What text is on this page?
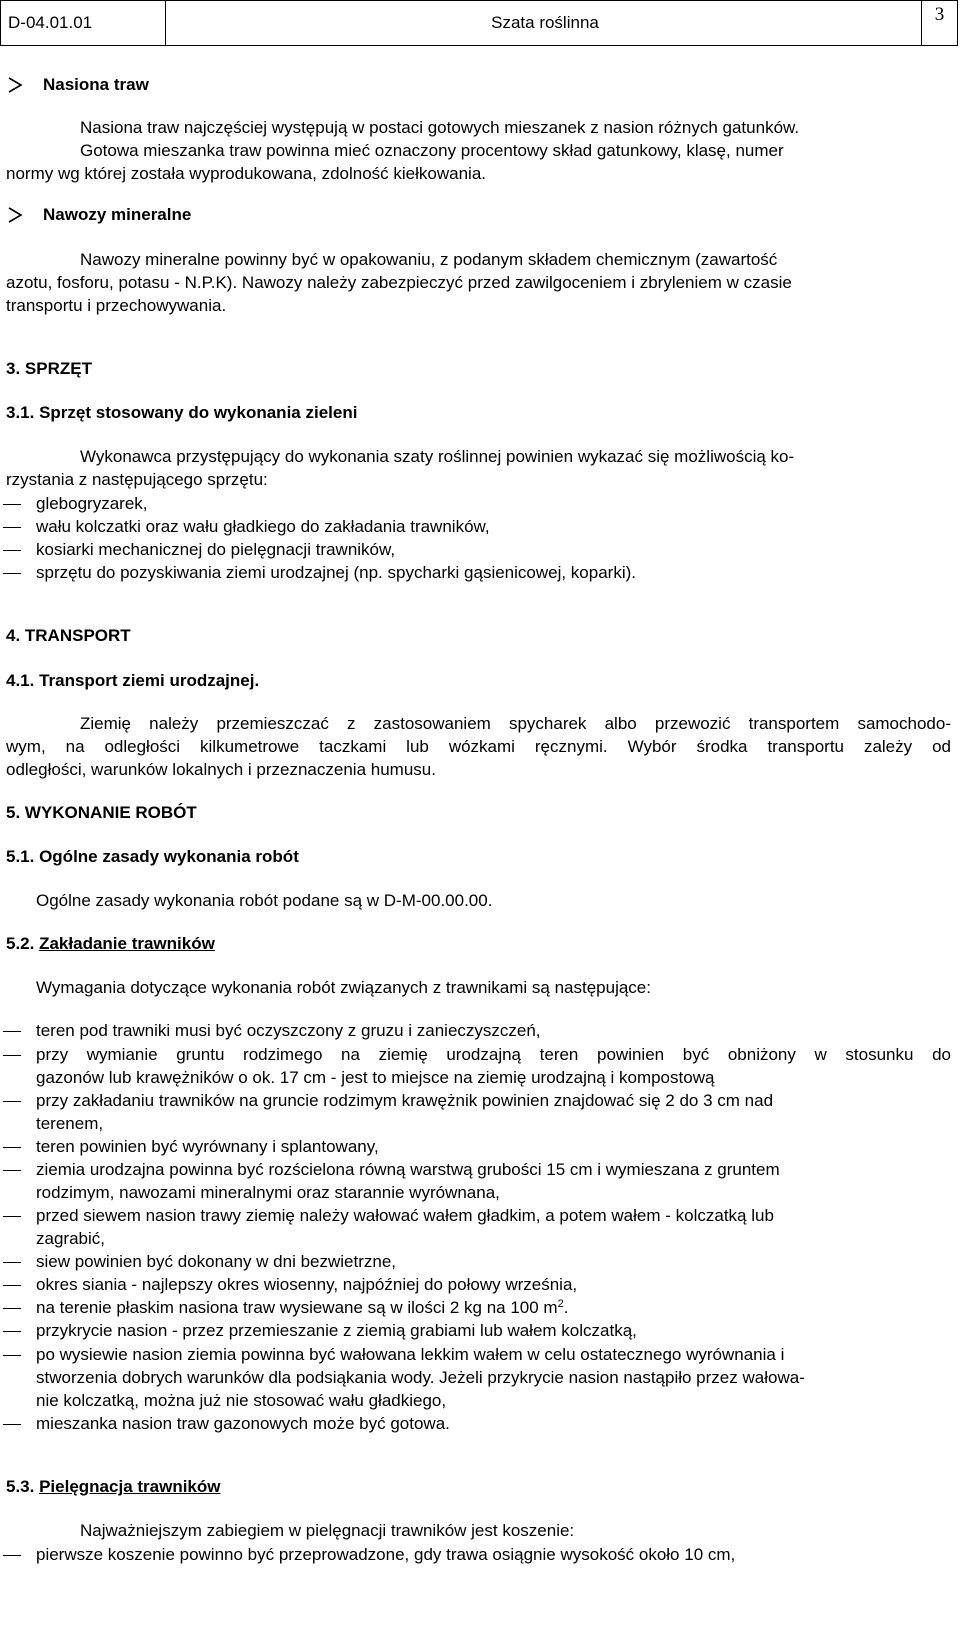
D-04.01.01	Szata roślinna	3
Nasiona traw
Nasiona traw najczęściej występują w postaci gotowych mieszanek z nasion różnych gatunków.
Gotowa mieszanka traw powinna mieć oznaczony procentowy skład gatunkowy, klasę, numer
normy wg której została wyprodukowana, zdolność kiełkowania.
Nawozy mineralne
Nawozy mineralne powinny być w opakowaniu, z podanym składem chemicznym (zawartość
azotu, fosforu, potasu - N.P.K). Nawozy należy zabezpieczyć przed zawilgoceniem i zbryleniem w czasie
transportu i przechowywania.
3. SPRZĘT
3.1. Sprzęt stosowany do wykonania zieleni
Wykonawca przystępujący do wykonania szaty roślinnej powinien wykazać się możliwością ko-
rzystania z następującego sprzętu:
glebogryzarek,
wału kolczatki oraz wału gładkiego do zakładania trawników,
kosiarki mechanicznej do pielęgnacji trawników,
sprzętu do pozyskiwania ziemi urodzajnej (np. spycharki gąsienicowej, koparki).
4. TRANSPORT
4.1. Transport ziemi urodzajnej.
Ziemię należy przemieszczać z zastosowaniem spycharek albo przewozić transportem samochodo-
wym, na odległości kilkumetrowe taczkami lub wózkami ręcznymi. Wybór środka transportu zależy od
odległości, warunków lokalnych i przeznaczenia humusu.
5. WYKONANIE ROBÓT
5.1. Ogólne zasady wykonania robót
Ogólne zasady wykonania robót podane są w D-M-00.00.00.
5.2. Zakładanie trawników
Wymagania dotyczące wykonania robót związanych z trawnikami są następujące:
teren pod trawniki musi być oczyszczony z gruzu i zanieczyszczeń,
przy wymianie gruntu rodzimego na ziemię urodzajną teren powinien być obniżony w stosunku do
gazonów lub krawężników o ok. 17 cm - jest to miejsce na ziemię urodzajną i kompostową
przy zakładaniu trawników na gruncie rodzimym krawężnik powinien znajdować się 2 do 3 cm nad
terenem,
teren powinien być wyrównany i splantowany,
ziemia urodzajna powinna być rozścielona równą warstwą grubości 15 cm i wymieszana z gruntem
rodzimym, nawozami mineralnymi oraz starannie wyrównana,
przed siewem nasion trawy ziemię należy wałować wałem gładkim, a potem wałem - kolczatką lub
zagrabić,
siew powinien być dokonany w dni bezwietrzne,
okres siania - najlepszy okres wiosenny, najpóźniej do połowy września,
na terenie płaskim nasiona traw wysiewane są w ilości 2 kg na 100 $m^2$.
przykrycie nasion - przez przemieszanie z ziemią grabiami lub wałem kolczatką,
po wysiewie nasion ziemia powinna być wałowana lekkim wałem w celu ostatecznego wyrównania i
stworzenia dobrych warunków dla podsiąkania wody. Jeżeli przykrycie nasion nastąpiło przez wałowa-
nie kolczatką, można już nie stosować wału gładkiego,
mieszanka nasion traw gazonowych może być gotowa.
5.3. Pielęgnacja trawników
Najważniejszym zabiegiem w pielęgnacji trawników jest koszenie:
pierwsze koszenie powinno być przeprowadzone, gdy trawa osiągnie wysokość około 10 cm,
